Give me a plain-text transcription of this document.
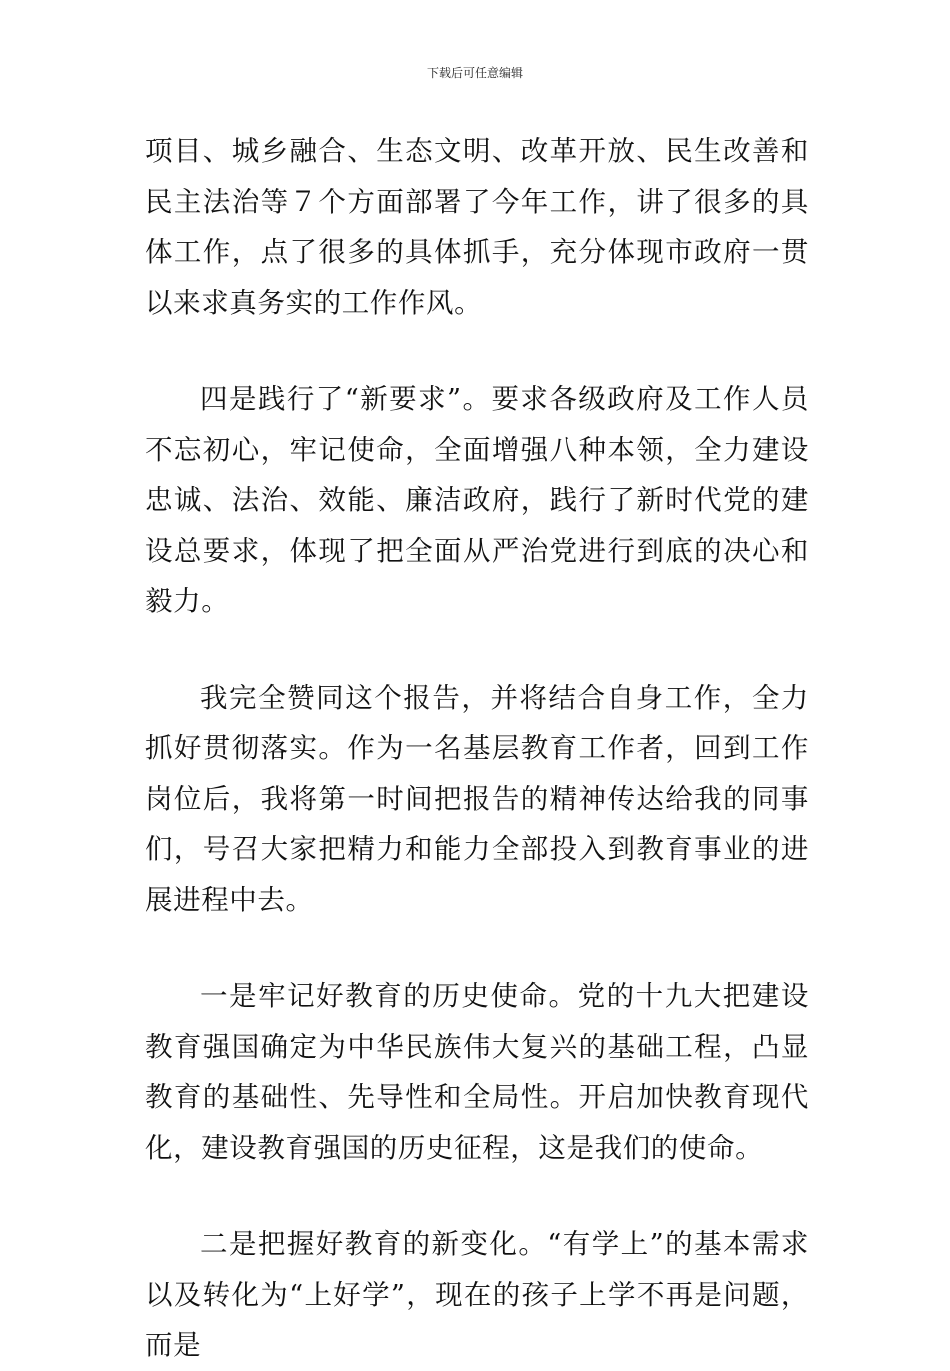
下载后可任意编辑

项目、城乡融合、生态文明、改革开放、民生改善和民主法治等７个方面部署了今年工作，讲了很多的具体工作，点了很多的具体抓手，充分体现市政府一贯以来求真务实的工作作风。

四是践行了“新要求”。要求各级政府及工作人员不忘初心，牢记使命，全面增强八种本领，全力建设忠诚、法治、效能、廉洁政府，践行了新时代党的建设总要求，体现了把全面从严治党进行到底的决心和毅力。

我完全赞同这个报告，并将结合自身工作，全力抓好贯彻落实。作为一名基层教育工作者，回到工作岗位后，我将第一时间把报告的精神传达给我的同事们，号召大家把精力和能力全部投入到教育事业的进展进程中去。

一是牢记好教育的历史使命。党的十九大把建设教育强国确定为中华民族伟大复兴的基础工程，凸显教育的基础性、先导性和全局性。开启加快教育现代化，建设教育强国的历史征程，这是我们的使命。

二是把握好教育的新变化。“有学上”的基本需求以及转化为“上好学”，现在的孩子上学不再是问题，而是
